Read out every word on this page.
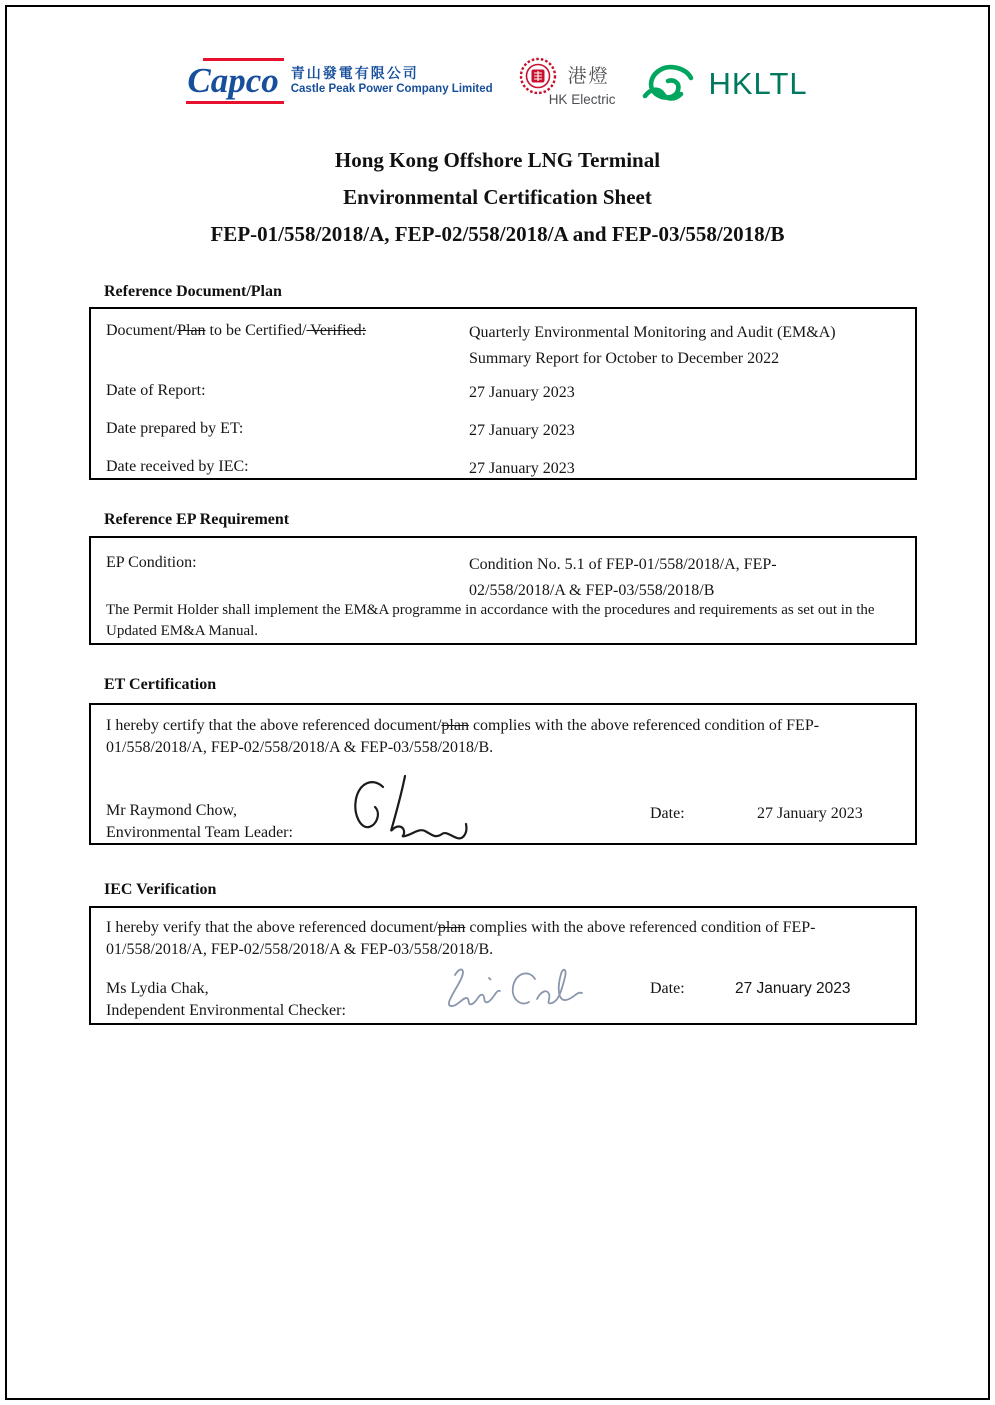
Capco 青山發電有限公司
Castle Peak Power Company Limited
港燈
HK Electric	HKLTL
Hong Kong Offshore LNG Terminal
Environmental Certification Sheet
FEP-01/558/2018/A, FEP-02/558/2018/A and FEP-03/558/2018/B
Reference Document/Plan
Document/Plan to be Certified/ Verified:	Quarterly Environmental Monitoring and Audit (EM&A) Summary Report for October to December 2022
Date of Report:	27 January 2023
Date prepared by ET:	27 January 2023
Date received by IEC:	27 January 2023
Reference EP Requirement
EP Condition:	Condition No. 5.1 of FEP-01/558/2018/A, FEP-02/558/2018/A & FEP-03/558/2018/B
The Permit Holder shall implement the EM&A programme in accordance with the procedures and requirements as set out in the Updated EM&A Manual.
ET Certification
I hereby certify that the above referenced document/plan complies with the above referenced condition of FEP-01/558/2018/A, FEP-02/558/2018/A & FEP-03/558/2018/B.
Mr Raymond Chow,
Environmental Team Leader:
Date:	27 January 2023
IEC Verification
I hereby verify that the above referenced document/plan complies with the above referenced condition of FEP-01/558/2018/A, FEP-02/558/2018/A & FEP-03/558/2018/B.
Ms Lydia Chak,
Independent Environmental Checker:
Date:	27 January 2023
